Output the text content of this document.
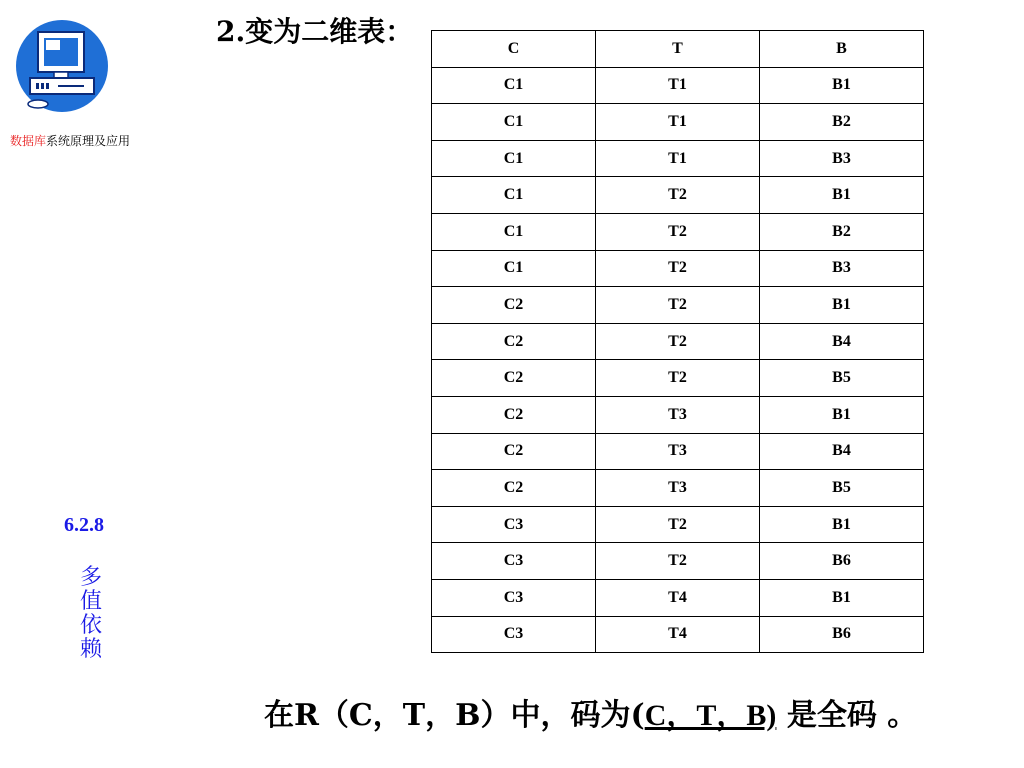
数据库系统原理及应用
2.变为二维表：
C	T	B
C1	T1	B1
C1	T1	B2
C1	T1	B3
C1	T2	B1
C1	T2	B2
C1	T2	B3
C2	T2	B1
C2	T2	B4
C2	T2	B5
C2	T3	B1
C2	T3	B4
C2	T3	B5
C3	T2	B1
C3	T2	B6
C3	T4	B1
C3	T4	B6
6.2.8
多值依赖
在R（C，T，B）中，码为(C，T，B) 是全码 。
